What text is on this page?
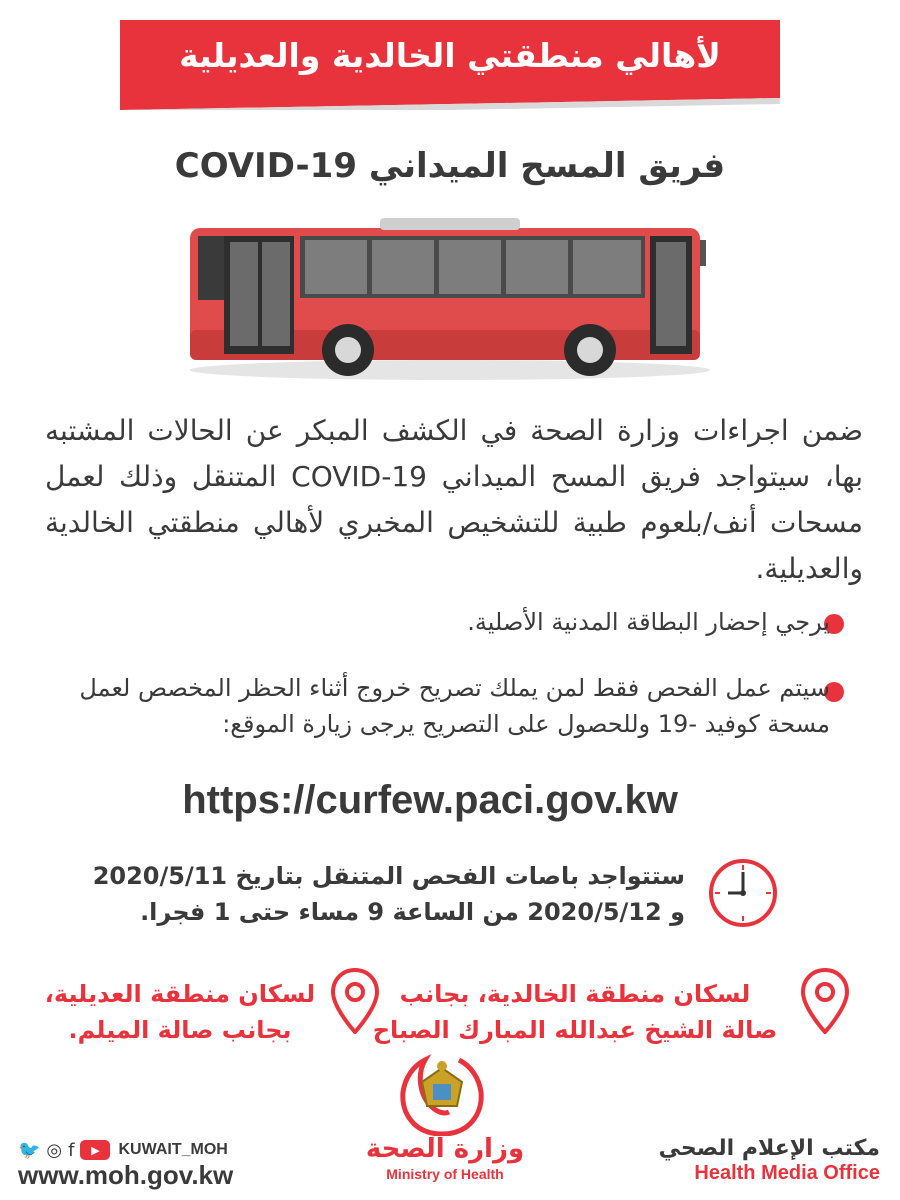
لأهالي منطقتي الخالدية والعديلية
فريق المسح الميداني COVID-19
ضمن اجراءات وزارة الصحة في الكشف المبكر عن الحالات المشتبه بها، سيتواجد فريق المسح الميداني COVID-19 المتنقل وذلك لعمل مسحات أنف/بلعوم طبية للتشخيص المخبري لأهالي منطقتي الخالدية والعديلية.
يرجي إحضار البطاقة المدنية الأصلية.
سيتم عمل الفحص فقط لمن يملك تصريح خروج أثناء الحظر المخصص لعمل مسحة كوفيد -19 وللحصول على التصريح يرجى زيارة الموقع:
https://curfew.paci.gov.kw
ستتواجد باصات الفحص المتنقل بتاريخ 2020/5/11
و 2020/5/12 من الساعة 9 مساء حتى 1 فجرا.
لسكان منطقة الخالدية، بجانب
صالة الشيخ عبدالله المبارك الصباح
لسكان منطقة العديلية،
بجانب صالة الميلم.
وزارة الصحة
Ministry of Health
مكتب الإعلام الصحي
Health Media Office
🐦 ◎ f	▶	KUWAIT_MOH
www.moh.gov.kw
